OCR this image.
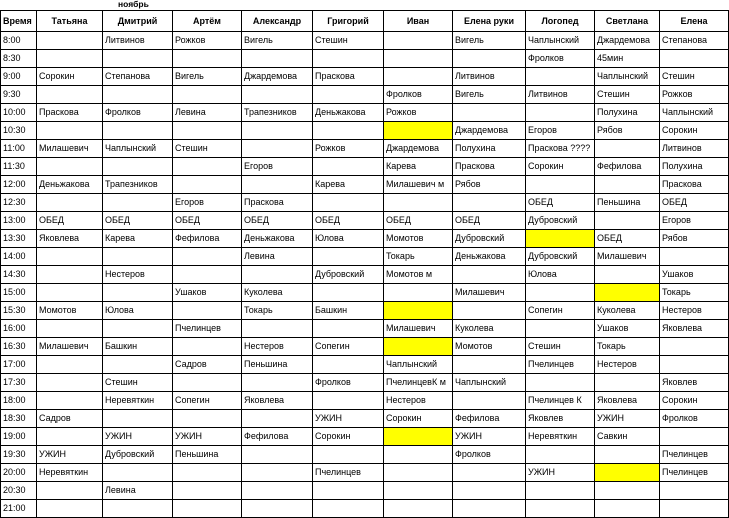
ноябрь
Время	Татьяна	Дмитрий	Артём	Александр	Григорий	Иван	Елена руки	Логопед	Светлана	Елена
8:00		Литвинов	Рожков	Вигель	Стешин		Вигель	Чаплынский	Джардемова	Степанова
8:30								Фролков	45мин	
9:00	Сорокин	Степанова	Вигель	Джардемова	Праскова		Литвинов		Чаплынский	Стешин
9:30						Фролков	Вигель	Литвинов	Стешин	Рожков
10:00	Праскова	Фролков	Левина	Трапезников	Деньжакова	Рожков			Полухина	Чаплынский
10:30							Джардемова	Егоров	Рябов	Сорокин
11:00	Милашевич	Чаплынский	Стешин		Рожков	Джардемова	Полухина	Праскова ????		Литвинов
11:30				Егоров		Карева	Праскова	Сорокин	Фефилова	Полухина
12:00	Деньжакова	Трапезников			Карева	Милашевич м	Рябов			Праскова
12:30			Егоров	Праскова				ОБЕД	Пеньшина	ОБЕД
13:00	ОБЕД	ОБЕД	ОБЕД	ОБЕД	ОБЕД	ОБЕД	ОБЕД	Дубровский		Егоров
13:30	Яковлева	Карева	Фефилова	Деньжакова	Юлова	Момотов	Дубровский		ОБЕД	Рябов
14:00				Левина		Токарь	Деньжакова	Дубровский	Милашевич	
14:30		Нестеров			Дубровский	Момотов м		Юлова		Ушаков
15:00			Ушаков	Куколева			Милашевич			Токарь
15:30	Момотов	Юлова		Токарь	Башкин			Сопегин	Куколева	Нестеров
16:00			Пчелинцев			Милашевич	Куколева		Ушаков	Яковлева
16:30	Милашевич	Башкин		Нестеров	Сопегин		Момотов	Стешин	Токарь	
17:00			Садров	Пеньшина		Чаплынский		Пчелинцев	Нестеров	
17:30		Стешин			Фролков	ПчелинцевК м	Чаплынский			Яковлев
18:00		Неревяткин	Сопегин	Яковлева		Нестеров		Пчелинцев К	Яковлева	Сорокин
18:30	Садров				УЖИН	Сорокин	Фефилова	Яковлев	УЖИН	Фролков
19:00		УЖИН	УЖИН	Фефилова	Сорокин		УЖИН	Неревяткин	Савкин	
19:30	УЖИН	Дубровский	Пеньшина				Фролков			Пчелинцев
20:00	Неревяткин				Пчелинцев			УЖИН		Пчелинцев
20:30		Левина								
21:00										
